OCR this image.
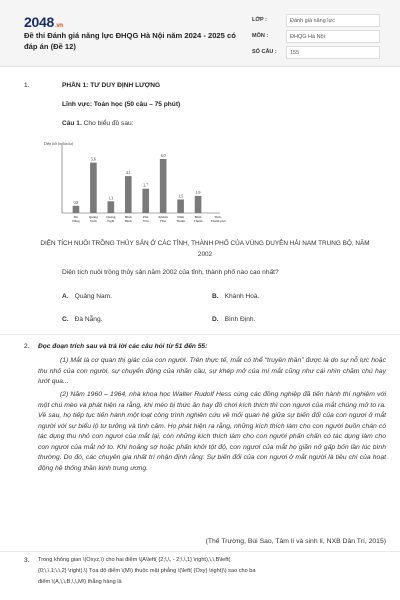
2048.vn
Đề thi Đánh giá năng lực ĐHQG Hà Nội năm 2024 - 2025 có đáp án (Đề 12)
LỚP :	Đánh giá năng lực
MÔN :	ĐHQG Hà Nội
SỐ CÂU :	155
1.	PHẦN 1: TƯ DUY ĐỊNH LƯỢNG
Lĩnh vực: Toán học (50 câu – 75 phút)
Câu 1. Cho biểu đồ sau:
Diện tích (nghìn ha)
0,8
Đà Nẵng
5,6
Quảng Nam
1,3
Quảng Ngãi
4,1
Bình Định
2,7
Phú Yên
6,0
Khánh Hòa
1,5
Ninh Thuận
1,9
Bình Thuận
Tỉnh, Thành phố
DIỆN TÍCH NUÔI TRỒNG THỦY SẢN Ở CÁC TỈNH, THÀNH PHỐ CỦA VÙNG DUYÊN HẢI NAM TRUNG BỘ, NĂM 2002
Diện tích nuôi trồng thủy sản năm 2002 của tỉnh, thành phố nào cao nhất?
A. Quảng Nam.	B. Khánh Hoà.
C. Đà Nẵng.	D. Bình Định.
2. Đọc đoạn trích sau và trả lời các câu hỏi từ 51 đến 55:
(1) Mắt là cơ quan thị giác của con người. Trên thực tế, mắt có thể “truyền thần” được là do sự nỗ lực hoặc thu nhỏ của con người, sự chuyển động của nhãn cầu, sự khép mở của mí mắt cũng như cái nhìn chăm chú hay lướt qua...
(2) Năm 1960 – 1964, nhà khoa học Walter Rudolf Hess cùng các đồng nghiệp đã tiến hành thí nghiệm với một chú mèo và phát hiện ra rằng, khi mèo bị thức ăn hay đồ chơi kích thích thì con ngươi của mắt chúng mở to ra. Về sau, họ tiếp tục tiến hành một loạt công trình nghiên cứu về mối quan hệ giữa sự biến đổi của con ngươi ở mắt người với sự biểu lộ tư tưởng và tình cảm. Họ phát hiện ra rằng, những kích thích làm cho con người buồn chán có tác dụng thu nhỏ con ngươi của mắt lại, còn những kích thích làm cho con người phấn chấn có tác dụng làm cho con ngươi của mắt nở to. Khi hoảng sợ hoặc phấn khởi tột độ, con ngươi của mắt họ giãn nở gấp bốn lần lúc bình thường. Do đó, các chuyên gia nhất trí nhận định rằng: Sự biến đổi của con ngươi ở mắt người là tiêu chí của hoạt động hệ thống thần kinh trung ương.
(Thế Trường, Bùi Sao, Tâm lí và sinh lí, NXB Dân Trí, 2015)
3. Trong không gian \(Oxyz,\) cho hai điểm \(A\left( {2;\,\, - 2;\,\,1} \right),\,\,B\left(
{0;\,\,1;\,\,2} \right).\) Tọa độ điểm \(M\) thuộc mặt phẳng \(\left( {Oxy} \right)\) sao cho ba
điểm \(A,\,\,B,\,\,M\) thẳng hàng là
